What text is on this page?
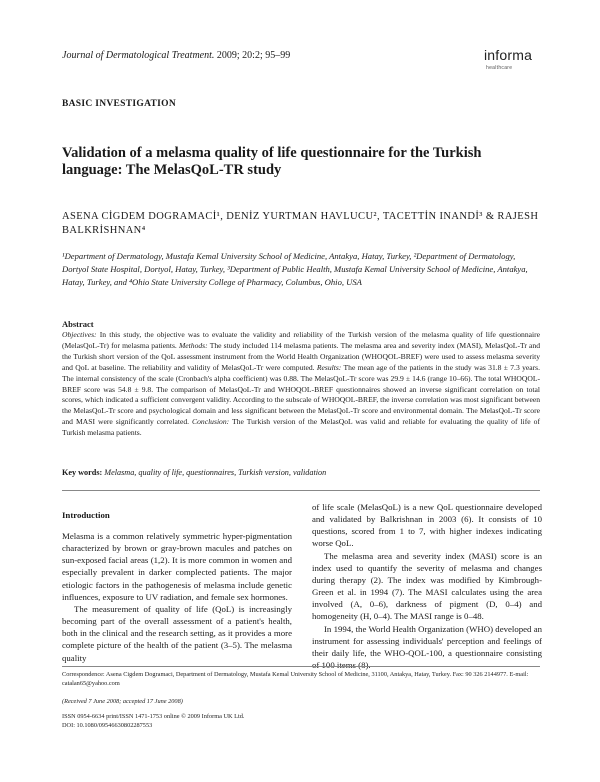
Journal of Dermatological Treatment. 2009; 20:2; 95–99	informa
healthcare
BASIC INVESTIGATION
Validation of a melasma quality of life questionnaire for the Turkish language: The MelasQoL-TR study
ASENA CİGDEM DOGRAMACİ¹, DENİZ YURTMAN HAVLUCU², TACETTİN INANDİ³ & RAJESH BALKRİSHNAN⁴
¹Department of Dermatology, Mustafa Kemal University School of Medicine, Antakya, Hatay, Turkey, ²Department of Dermatology, Dortyol State Hospital, Dortyol, Hatay, Turkey, ³Department of Public Health, Mustafa Kemal University School of Medicine, Antakya, Hatay, Turkey, and ⁴Ohio State University College of Pharmacy, Columbus, Ohio, USA
Abstract
Objectives: In this study, the objective was to evaluate the validity and reliability of the Turkish version of the melasma quality of life questionnaire (MelasQoL-Tr) for melasma patients. Methods: The study included 114 melasma patients. The melasma area and severity index (MASI), MelasQoL-Tr and the Turkish short version of the QoL assessment instrument from the World Health Organization (WHOQOL-BREF) were used to assess melasma severity and QoL at baseline. The reliability and validity of MelasQoL-Tr were computed. Results: The mean age of the patients in the study was 31.8 ± 7.3 years. The internal consistency of the scale (Cronbach's alpha coefficient) was 0.88. The MelasQoL-Tr score was 29.9 ± 14.6 (range 10–66). The total WHOQOL-BREF score was 54.8 ± 9.8. The comparison of MelasQoL-Tr and WHOQOL-BREF questionnaires showed an inverse significant correlation on total scores, which indicated a sufficient convergent validity. According to the subscale of WHOQOL-BREF, the inverse correlation was most significant between the MelasQoL-Tr score and psychological domain and less significant between the MelasQoL-Tr score and environmental domain. The MelasQoL-Tr score and MASI were significantly correlated. Conclusion: The Turkish version of the MelasQoL was valid and reliable for evaluating the quality of life of Turkish melasma patients.
Key words: Melasma, quality of life, questionnaires, Turkish version, validation
Introduction

Melasma is a common relatively symmetric hyper-pigmentation characterized by brown or gray-brown macules and patches on sun-exposed facial areas (1,2). It is more common in women and especially prevalent in darker complected patients. The major etiologic factors in the pathogenesis of melasma include genetic influences, exposure to UV radiation, and female sex hormones.

The measurement of quality of life (QoL) is increasingly becoming part of the overall assessment of a patient's health, both in the clinical and the research setting, as it provides a more complete picture of the health of the patient (3–5). The melasma quality

of life scale (MelasQoL) is a new QoL questionnaire developed and validated by Balkrishnan in 2003 (6). It consists of 10 questions, scored from 1 to 7, with higher indexes indicating worse QoL.

The melasma area and severity index (MASI) score is an index used to quantify the severity of melasma and changes during therapy (2). The index was modified by Kimbrough-Green et al. in 1994 (7). The MASI calculates using the area involved (A, 0–6), darkness of pigment (D, 0–4) and homogeneity (H, 0–4). The MASI range is 0–48.

In 1994, the World Health Organization (WHO) developed an instrument for assessing individuals' perception and feelings of their daily life, the WHO-QOL-100, a questionnaire consisting of 100 items (8).

Correspondence: Asena Cigdem Dogramaci, Department of Dermatology, Mustafa Kemal University School of Medicine, 31100, Antakya, Hatay, Turkey. Fax: 90 326 2144977. E-mail: catalan65@yahoo.com
(Received 7 June 2008; accepted 17 June 2008)
ISSN 0954-6634 print/ISSN 1471-1753 online © 2009 Informa UK Ltd.
DOI: 10.1080/09546630802287553
